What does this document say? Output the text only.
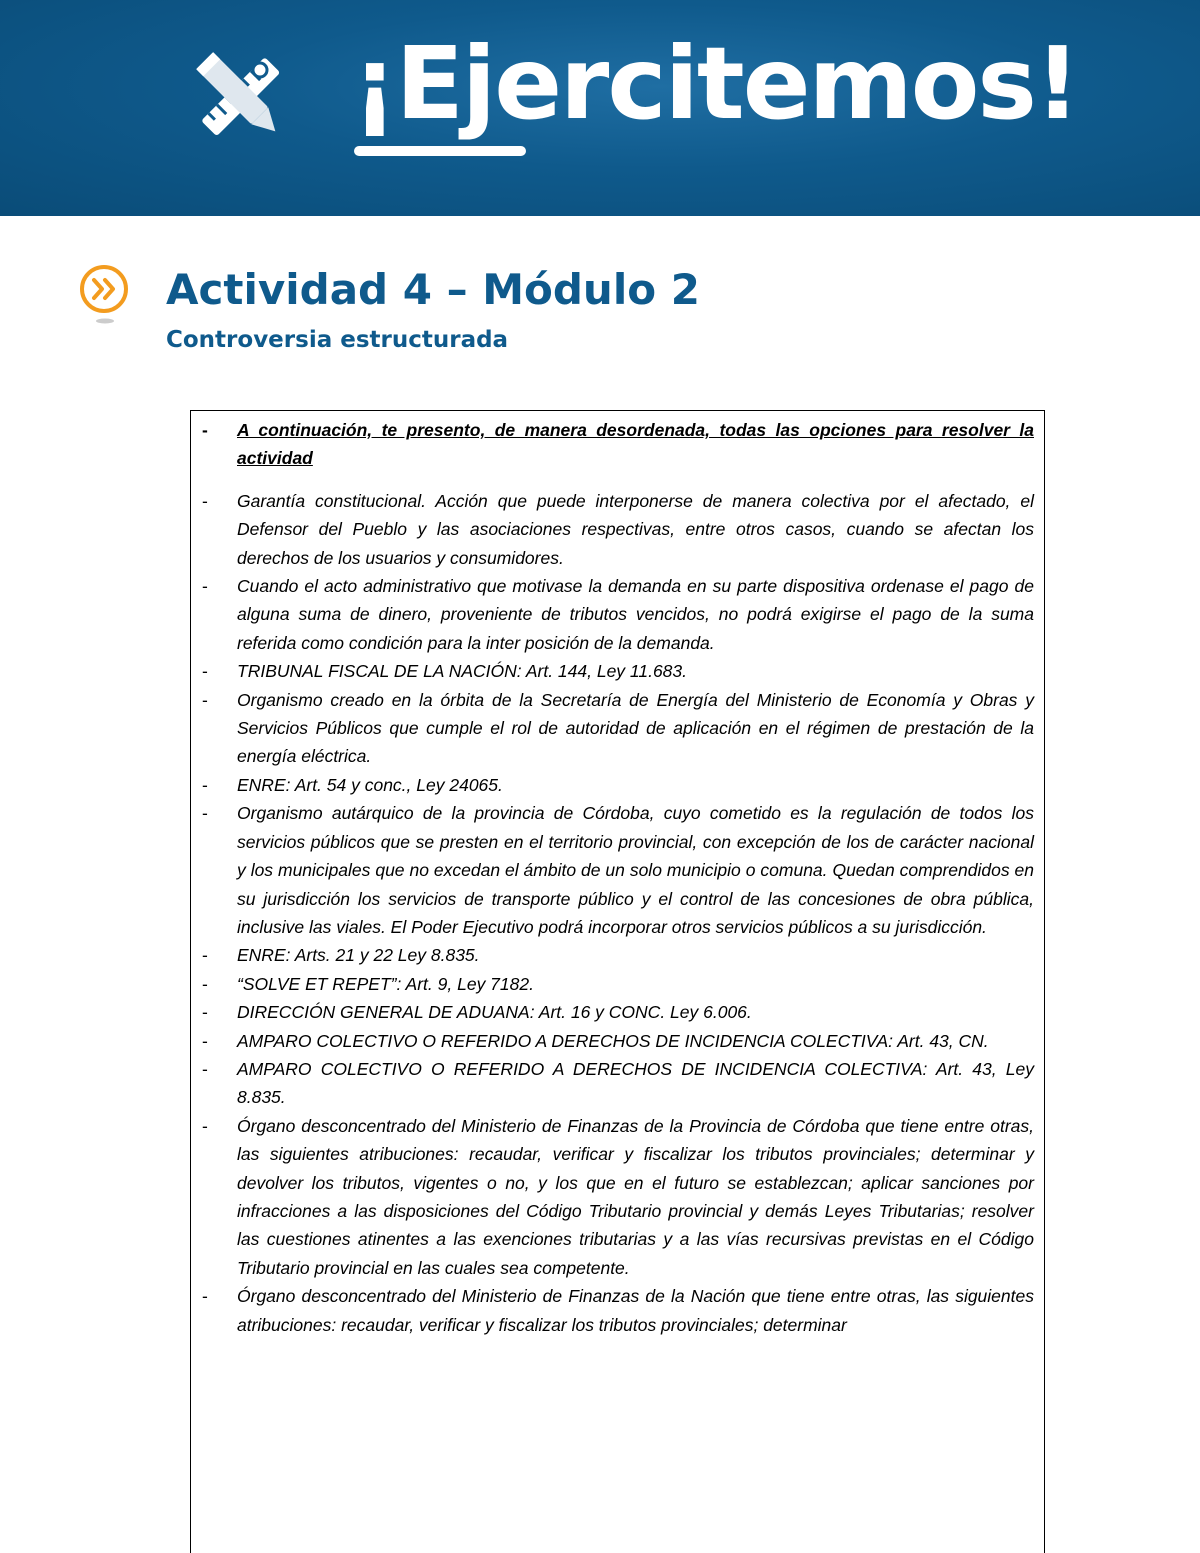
¡Ejercitemos!
Actividad 4 – Módulo 2
Controversia estructurada
- A continuación, te presento, de manera desordenada, todas las opciones para resolver la actividad
- Garantía constitucional. Acción que puede interponerse de manera colectiva por el afectado, el Defensor del Pueblo y las asociaciones respectivas, entre otros casos, cuando se afectan los derechos de los usuarios y consumidores.
- Cuando el acto administrativo que motivase la demanda en su parte dispositiva ordenase el pago de alguna suma de dinero, proveniente de tributos vencidos, no podrá exigirse el pago de la suma referida como condición para la inter posición de la demanda.
- TRIBUNAL FISCAL DE LA NACIÓN: Art. 144, Ley 11.683.
- Organismo creado en la órbita de la Secretaría de Energía del Ministerio de Economía y Obras y Servicios Públicos que cumple el rol de autoridad de aplicación en el régimen de prestación de la energía eléctrica.
- ENRE: Art. 54 y conc., Ley 24065.
- Organismo autárquico de la provincia de Córdoba, cuyo cometido es la regulación de todos los servicios públicos que se presten en el territorio provincial, con excepción de los de carácter nacional y los municipales que no excedan el ámbito de un solo municipio o comuna. Quedan comprendidos en su jurisdicción los servicios de transporte público y el control de las concesiones de obra pública, inclusive las viales. El Poder Ejecutivo podrá incorporar otros servicios públicos a su jurisdicción.
- ENRE: Arts. 21 y 22 Ley 8.835.
- “SOLVE ET REPET”: Art. 9, Ley 7182.
- DIRECCIÓN GENERAL DE ADUANA: Art. 16 y CONC. Ley 6.006.
- AMPARO COLECTIVO O REFERIDO A DERECHOS DE INCIDENCIA COLECTIVA: Art. 43, CN.
- AMPARO COLECTIVO O REFERIDO A DERECHOS DE INCIDENCIA COLECTIVA: Art. 43, Ley 8.835.
- Órgano desconcentrado del Ministerio de Finanzas de la Provincia de Córdoba que tiene entre otras, las siguientes atribuciones: recaudar, verificar y fiscalizar los tributos provinciales; determinar y devolver los tributos, vigentes o no, y los que en el futuro se establezcan; aplicar sanciones por infracciones a las disposiciones del Código Tributario provincial y demás Leyes Tributarias; resolver las cuestiones atinentes a las exenciones tributarias y a las vías recursivas previstas en el Código Tributario provincial en las cuales sea competente.
- Órgano desconcentrado del Ministerio de Finanzas de la Nación que tiene entre otras, las siguientes atribuciones: recaudar, verificar y fiscalizar los tributos provinciales; determinar
